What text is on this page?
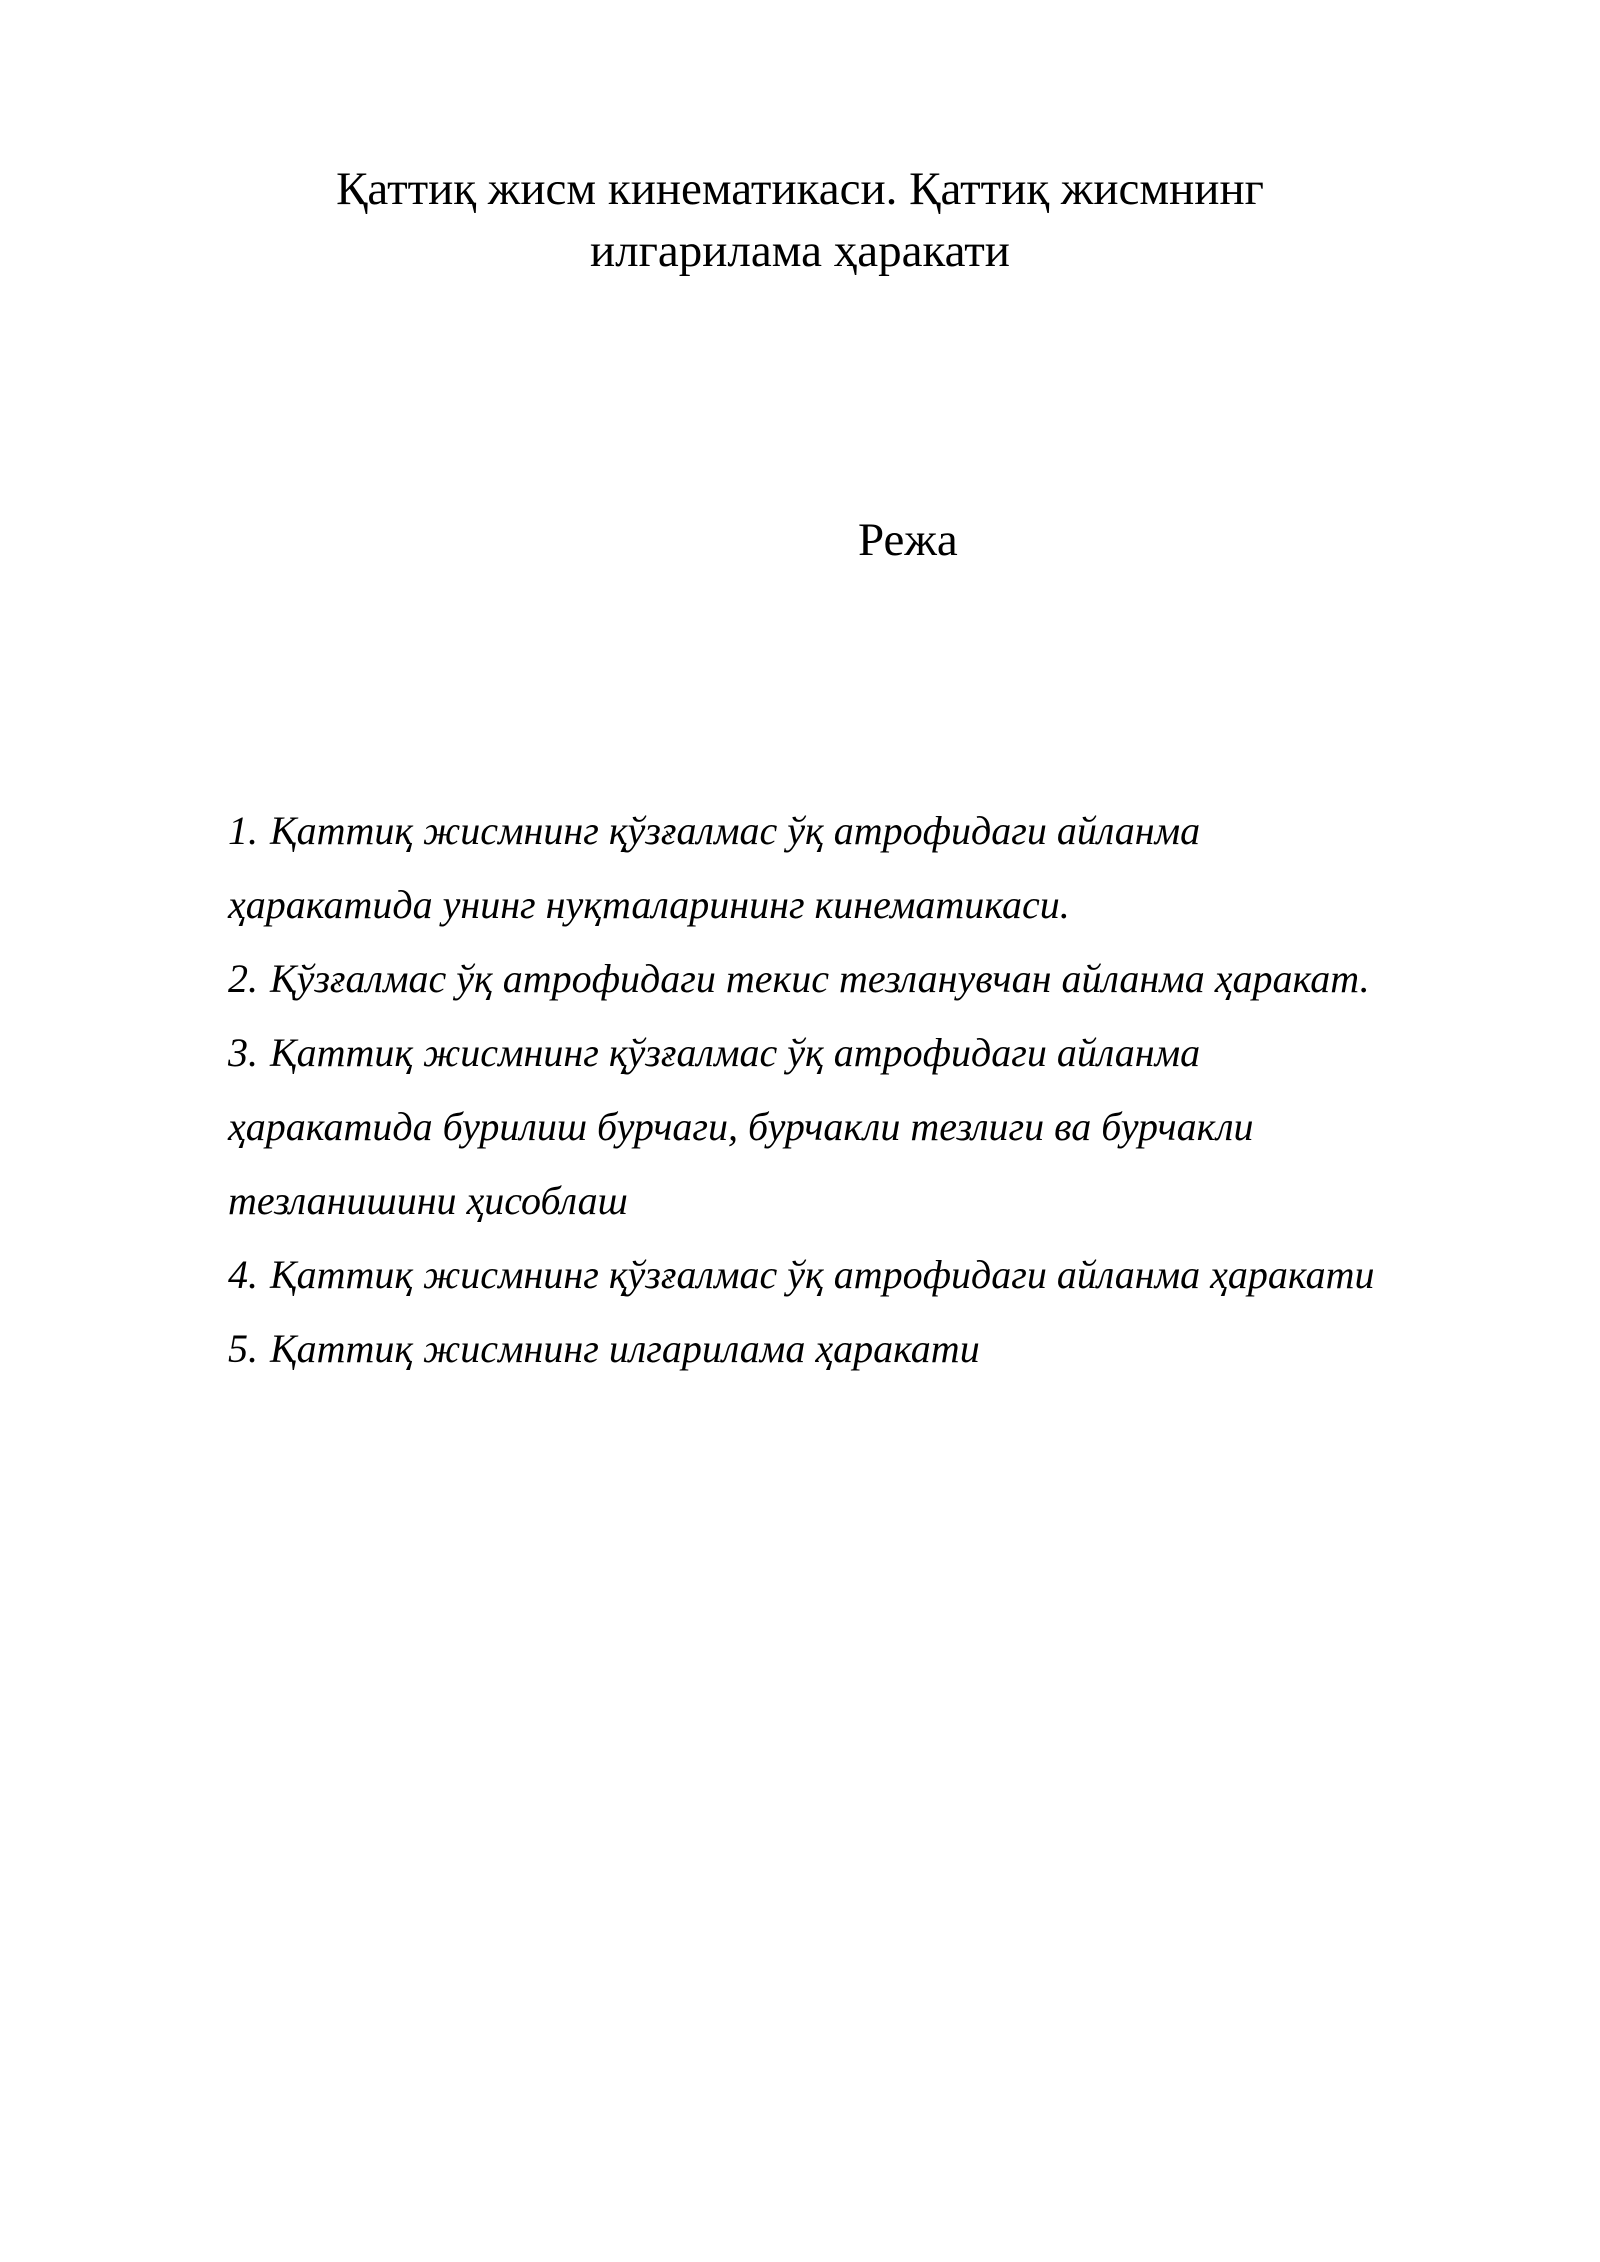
Қаттиқ жисм кинематикаси. Қаттиқ жисмнинг
илгарилама ҳаракати
Режа
1. Қаттиқ жисмнинг қўзғалмас ўқ атрофидаги айланма
ҳаракатида унинг нуқталарининг кинематикаси.
2. Қўзғалмас ўқ атрофидаги текис тезланувчан айланма ҳаракат.
3. Қаттиқ жисмнинг қўзғалмас ўқ атрофидаги айланма
ҳаракатида бурилиш бурчаги, бурчакли тезлиги ва бурчакли
тезланишини ҳисоблаш
4. Қаттиқ жисмнинг қўзғалмас ўқ атрофидаги айланма ҳаракати
5. Қаттиқ жисмнинг илгарилама ҳаракати
